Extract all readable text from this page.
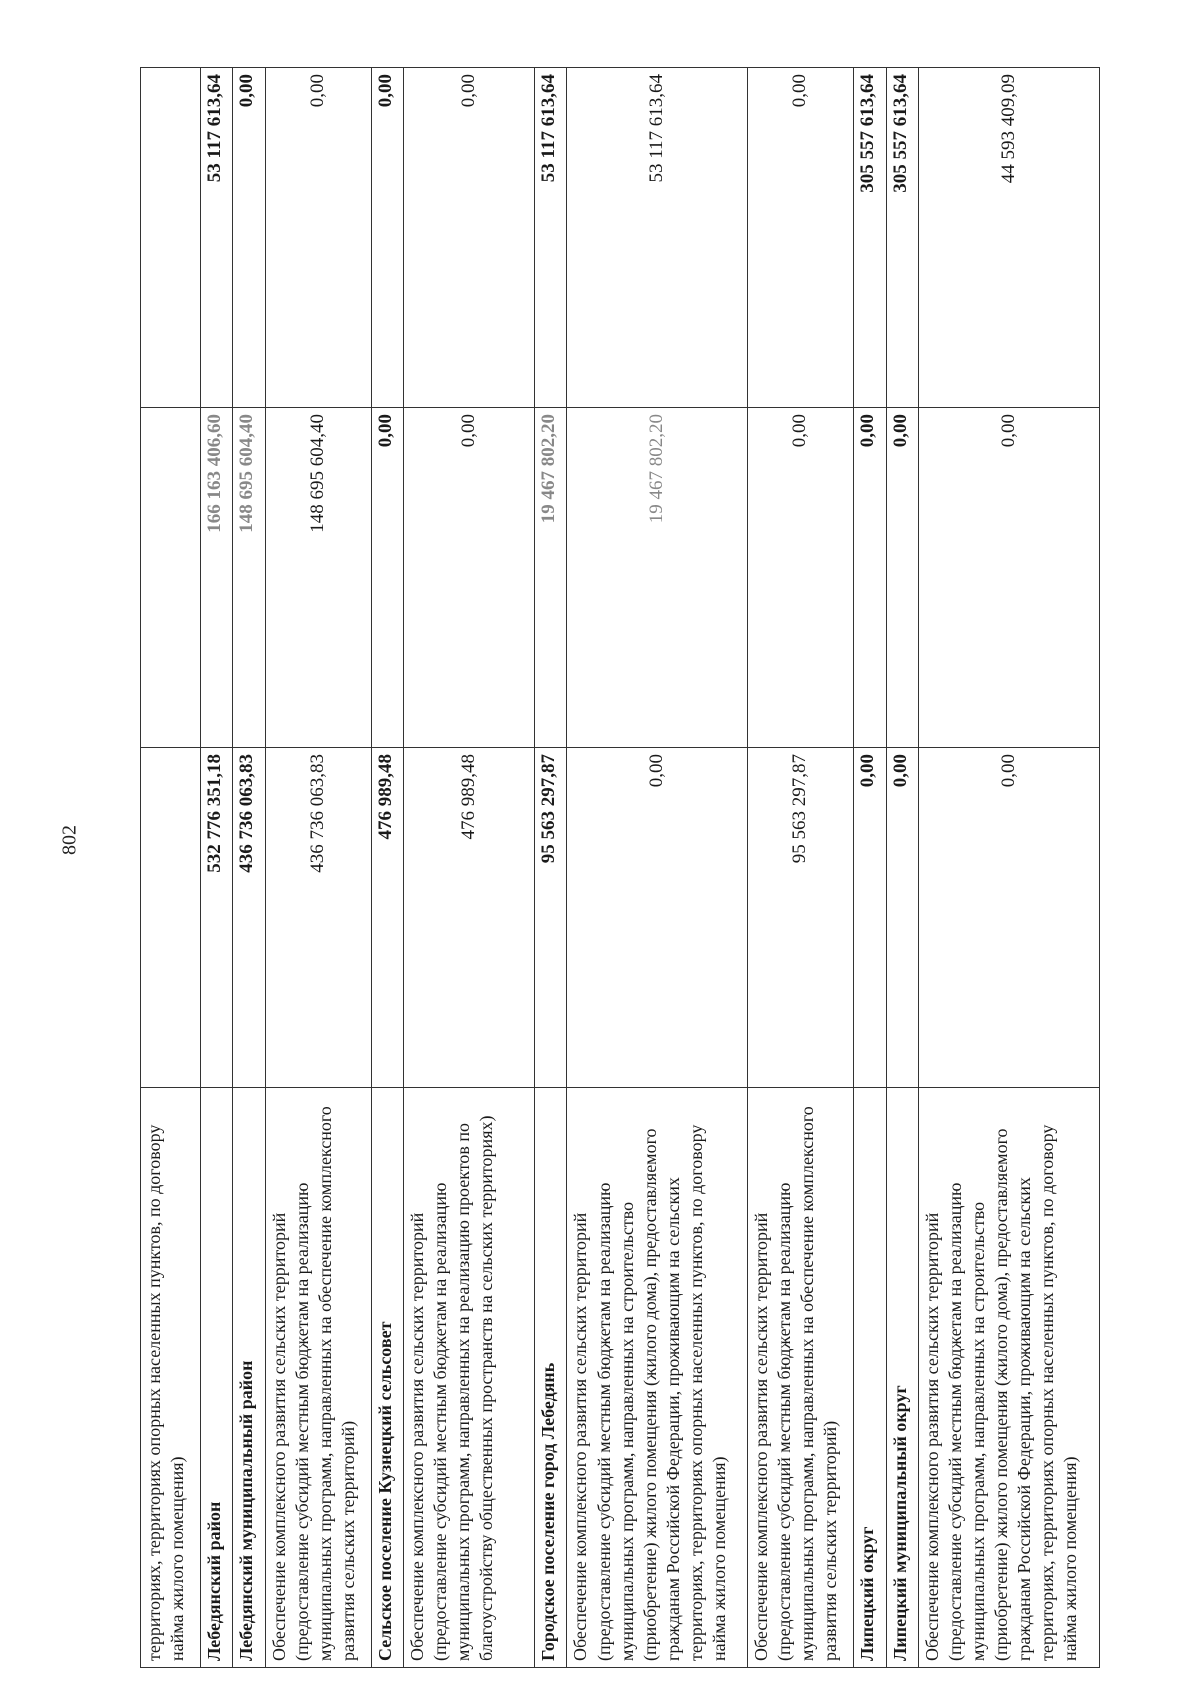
802
территориях, территориях опорных населенных пунктов, по договору найма жилого помещения)			
Лебедянский район	532 776 351,18	166 163 406,60	53 117 613,64
Лебедянский муниципальный район	436 736 063,83	148 695 604,40	0,00
Обеспечение комплексного развития сельских территорий (предоставление субсидий местным бюджетам на реализацию муниципальных программ, направленных на обеспечение комплексного развития сельских территорий)	436 736 063,83	148 695 604,40	0,00
Сельское поселение Кузнецкий сельсовет	476 989,48	0,00	0,00
Обеспечение комплексного развития сельских территорий (предоставление субсидий местным бюджетам на реализацию муниципальных программ, направленных на реализацию проектов по благоустройству общественных пространств на сельских территориях)	476 989,48	0,00	0,00
Городское поселение город Лебедянь	95 563 297,87	19 467 802,20	53 117 613,64
Обеспечение комплексного развития сельских территорий (предоставление субсидий местным бюджетам на реализацию муниципальных программ, направленных на строительство (приобретение) жилого помещения (жилого дома), предоставляемого гражданам Российской Федерации, проживающим на сельских территориях, территориях опорных населенных пунктов, по договору найма жилого помещения)	0,00	19 467 802,20	53 117 613,64
Обеспечение комплексного развития сельских территорий (предоставление субсидий местным бюджетам на реализацию муниципальных программ, направленных на обеспечение комплексного развития сельских территорий)	95 563 297,87	0,00	0,00
Липецкий округ	0,00	0,00	305 557 613,64
Липецкий муниципальный округ	0,00	0,00	305 557 613,64
Обеспечение комплексного развития сельских территорий (предоставление субсидий местным бюджетам на реализацию муниципальных программ, направленных на строительство (приобретение) жилого помещения (жилого дома), предоставляемого гражданам Российской Федерации, проживающим на сельских территориях, территориях опорных населенных пунктов, по договору найма жилого помещения)	0,00	0,00	44 593 409,09
